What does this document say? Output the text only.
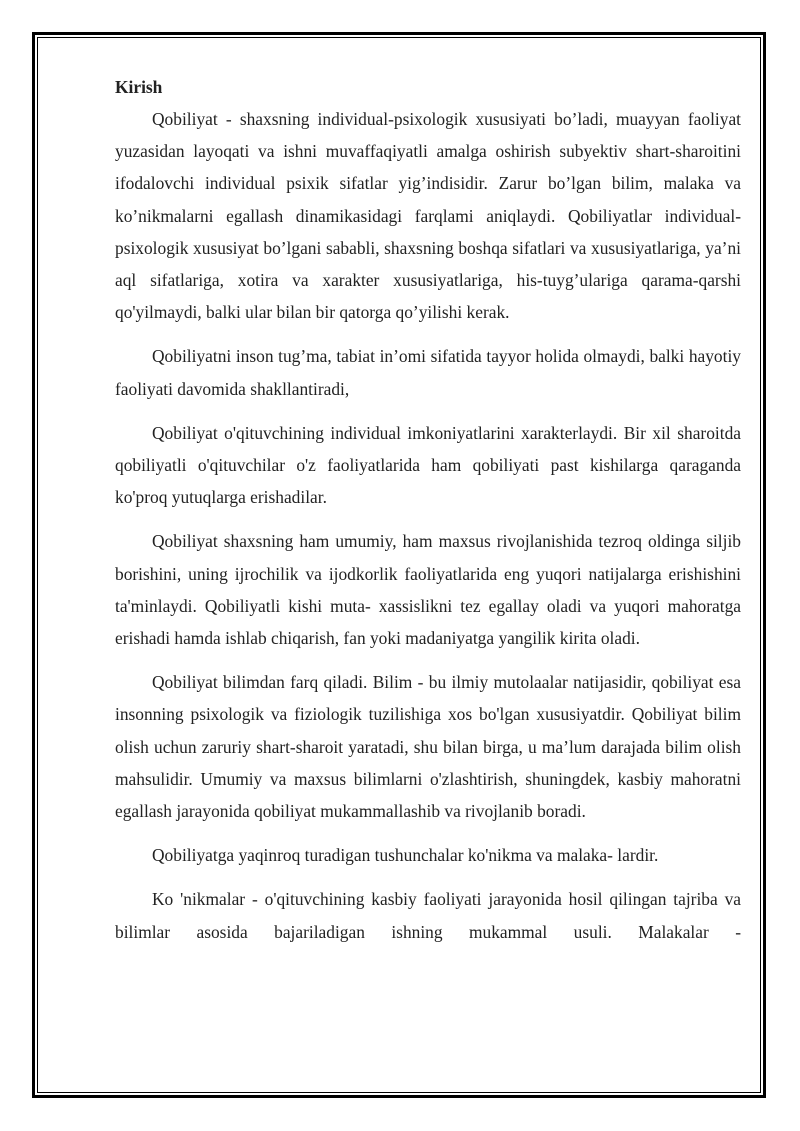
Kirish

Qobiliyat - shaxsning individual-psixologik xususiyati bo’ladi, muayyan faoliyat yuzasidan layoqati va ishni muvaffaqiyatli amalga oshirish subyektiv shart-sharoitini ifodalovchi individual psixik sifatlar yig’indisidir. Zarur bo’lgan bilim, malaka va ko’nikmalarni egallash dinamikasidagi farqlami aniqlaydi. Qobiliyatlar individual-psixologik xususiyat bo’lgani sababli, shaxsning boshqa sifatlari va xususiyatlariga, ya’ni aql sifatlariga, xotira va xarakter xususiyatlariga, his-tuyg’ulariga qarama-qarshi qo'yilmaydi, balki ular bilan bir qatorga qo’yilishi kerak.

Qobiliyatni inson tug’ma, tabiat in’omi sifatida tayyor holida olmaydi, balki hayotiy faoliyati davomida shakllantiradi,

Qobiliyat o'qituvchining individual imkoniyatlarini xarakterlaydi. Bir xil sharoitda qobiliyatli o'qituvchilar o'z faoliyatlarida ham qobiliyati past kishilarga qaraganda ko'proq yutuqlarga erishadilar.

Qobiliyat shaxsning ham umumiy, ham maxsus rivojlanishida tezroq oldinga siljib borishini, uning ijrochilik va ijodkorlik faoliyatlarida eng yuqori natijalarga erishishini ta'minlaydi. Qobiliyatli kishi muta- xassislikni tez egallay oladi va yuqori mahoratga erishadi hamda ishlab chiqarish, fan yoki madaniyatga yangilik kirita oladi.

Qobiliyat bilimdan farq qiladi. Bilim - bu ilmiy mutolaalar natijasidir, qobiliyat esa insonning psixologik va fiziologik tuzilishiga xos bo'lgan xususiyatdir. Qobiliyat bilim olish uchun zaruriy shart-sharoit yaratadi, shu bilan birga, u ma’lum darajada bilim olish mahsulidir. Umumiy va maxsus bilimlarni o'zlashtirish, shuningdek, kasbiy mahoratni egallash jarayonida qobiliyat mukammallashib va rivojlanib boradi.

Qobiliyatga yaqinroq turadigan tushunchalar ko'nikma va malaka- lardir.

Ko 'nikmalar - o'qituvchining kasbiy faoliyati jarayonida hosil qilingan tajriba va bilimlar asosida bajariladigan ishning mukammal usuli. Malakalar -
